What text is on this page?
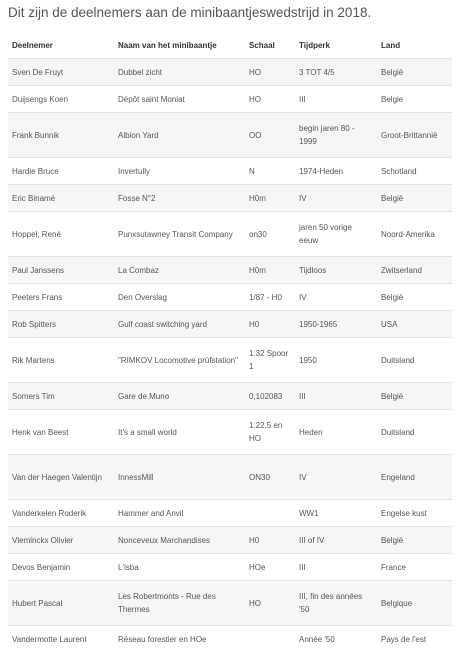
Dit zijn de deelnemers aan de minibaantjeswedstrijd in 2018.

Deelnemer	Naam van het minibaantje	Schaal	Tijdperk	Land
Sven De Fruyt	Dubbel zicht	HO	3 TOT 4/5	België
Duijsengs Koen	Dépôt saint Moniat	HO	III	Belgie
Frank Bunnik	Albion Yard	OO	begin jaren 80 - 1999	Groot-Brittannië
Hardie Bruce	Invertully	N	1974-Heden	Schotland
Eric Binamé	Fosse N°2	H0m	IV	België
Hoppel, René	Punxsutawney Transit Company	on30	jaren 50 vorige eeuw	Noord-Amerika
Paul Janssens	La Combaz	H0m	Tijdloos	Zwitserland
Peeters Frans	Den Overslag	1/87 - H0	IV	België
Rob Spitters	Gulf coast switching yard	H0	1950-1965	USA
Rik Martens	"RIMKOV Locomotive prüfstation"	1:32 Spoor 1	1950	Duitsland
Somers Tim	Gare de Muno	0,102083	III	België
Henk van Beest	It's a small world	1:22,5 en HO	Heden	Duitsland
Van der Haegen Valentijn	InnessMill	ON30	IV	Engeland
Vanderkelen Roderik	Hammer and Anvil		WW1	Engelse kust
Vleminckx Olivier	Nonceveux Marchandises	H0	III of IV	België
Devos Benjamin	L'isba	HOe	III	France
Hubert Pascal	Les Robertmonts - Rue des Thermes	HO	III, fin des années '50	Belgique
Vandermotte Laurent	Réseau forestier en HOe		Année '50	Pays de l'est
